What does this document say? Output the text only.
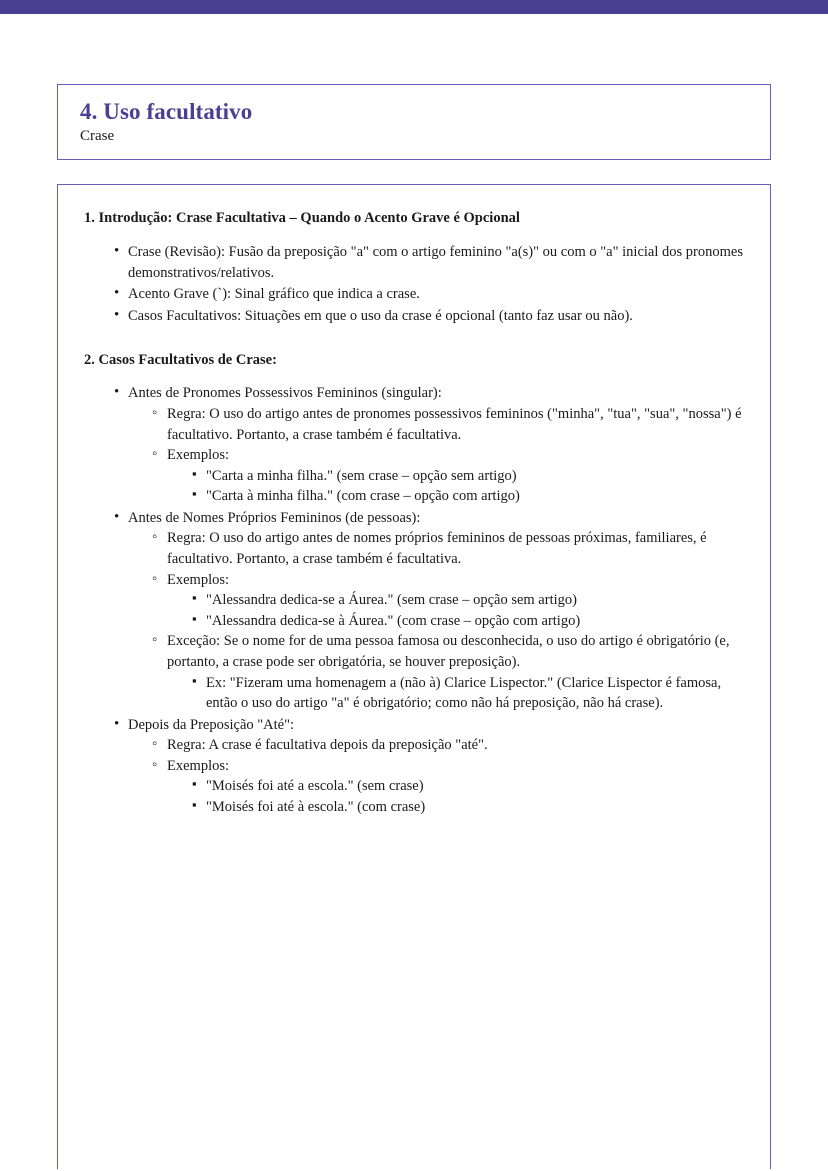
4. Uso facultativo
Crase
1. Introdução: Crase Facultativa – Quando o Acento Grave é Opcional
• Crase (Revisão): Fusão da preposição "a" com o artigo feminino "a(s)" ou com o "a" inicial dos pronomes demonstrativos/relativos.
• Acento Grave (`): Sinal gráfico que indica a crase.
• Casos Facultativos: Situações em que o uso da crase é opcional (tanto faz usar ou não).
2. Casos Facultativos de Crase:
• Antes de Pronomes Possessivos Femininos (singular):
◦ Regra: O uso do artigo antes de pronomes possessivos femininos ("minha", "tua", "sua", "nossa") é facultativo. Portanto, a crase também é facultativa.
◦ Exemplos:
▪ "Carta a minha filha." (sem crase – opção sem artigo)
▪ "Carta à minha filha." (com crase – opção com artigo)
• Antes de Nomes Próprios Femininos (de pessoas):
◦ Regra: O uso do artigo antes de nomes próprios femininos de pessoas próximas, familiares, é facultativo. Portanto, a crase também é facultativa.
◦ Exemplos:
▪ "Alessandra dedica-se a Áurea." (sem crase – opção sem artigo)
▪ "Alessandra dedica-se à Áurea." (com crase – opção com artigo)
◦ Exceção: Se o nome for de uma pessoa famosa ou desconhecida, o uso do artigo é obrigatório (e, portanto, a crase pode ser obrigatória, se houver preposição).
▪ Ex: "Fizeram uma homenagem a (não à) Clarice Lispector." (Clarice Lispector é famosa, então o uso do artigo "a" é obrigatório; como não há preposição, não há crase).
• Depois da Preposição "Até":
◦ Regra: A crase é facultativa depois da preposição "até".
◦ Exemplos:
▪ "Moisés foi até a escola." (sem crase)
▪ "Moisés foi até à escola." (com crase)
